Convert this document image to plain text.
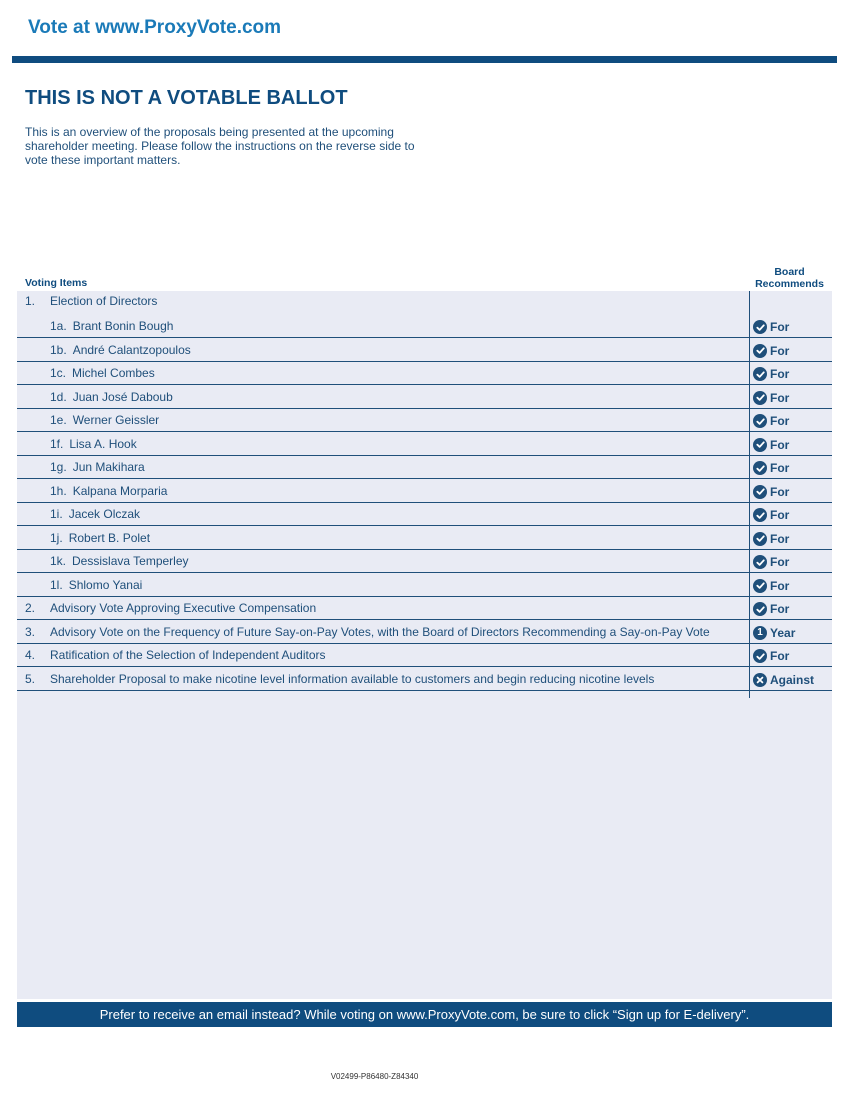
Vote at www.ProxyVote.com
THIS IS NOT A VOTABLE BALLOT
This is an overview of the proposals being presented at the upcoming shareholder meeting. Please follow the instructions on the reverse side to vote these important matters.
Voting Items
Board
Recommends
1. Election of Directors
1a. Brant Bonin Bough	For
1b. André Calantzopoulos	For
1c. Michel Combes	For
1d. Juan José Daboub	For
1e. Werner Geissler	For
1f. Lisa A. Hook	For
1g. Jun Makihara	For
1h. Kalpana Morparia	For
1i. Jacek Olczak	For
1j. Robert B. Polet	For
1k. Dessislava Temperley	For
1l. Shlomo Yanai	For
2. Advisory Vote Approving Executive Compensation	For
3. Advisory Vote on the Frequency of Future Say-on-Pay Votes, with the Board of Directors Recommending a Say-on-Pay Vote	1 Year
4. Ratification of the Selection of Independent Auditors	For
5. Shareholder Proposal to make nicotine level information available to customers and begin reducing nicotine levels	Against
Prefer to receive an email instead? While voting on www.ProxyVote.com, be sure to click “Sign up for E-delivery”.
V02499-P86480-Z84340
